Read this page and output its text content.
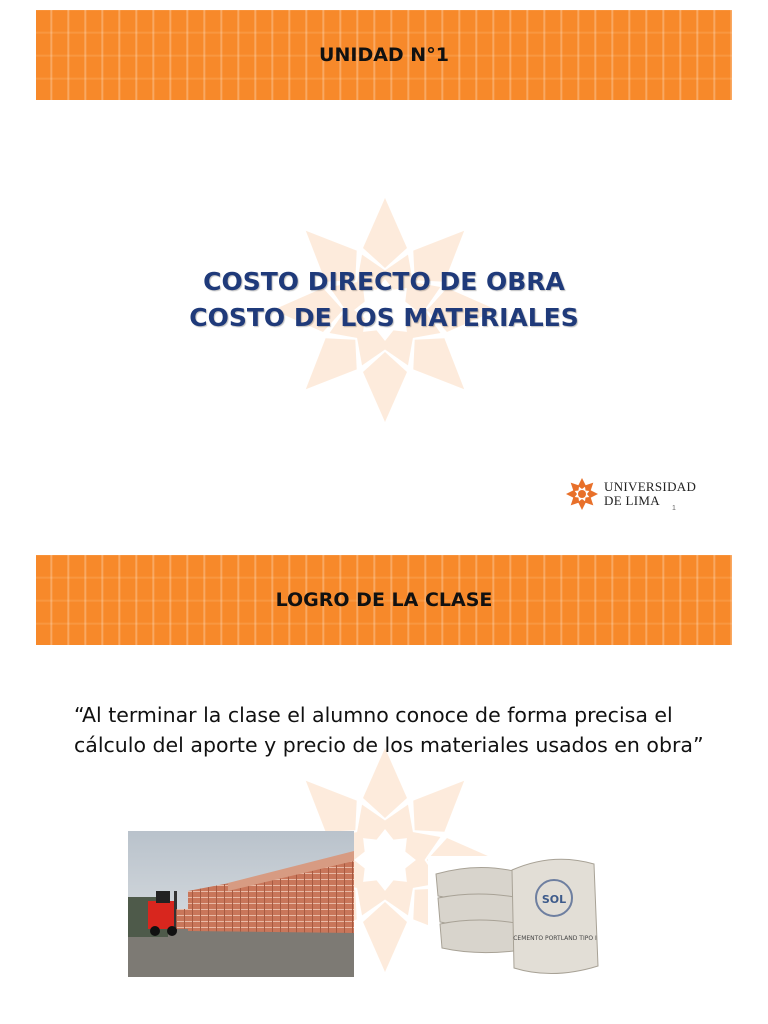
UNIDAD N°1
COSTO DIRECTO DE OBRA
COSTO DE LOS MATERIALES
UNIVERSIDAD
DE LIMA
1
LOGRO DE LA CLASE

“Al terminar la clase el alumno conoce de forma precisa el cálculo del aporte y precio de los materiales usados en obra”

SOL
CEMENTO PORTLAND TIPO I
